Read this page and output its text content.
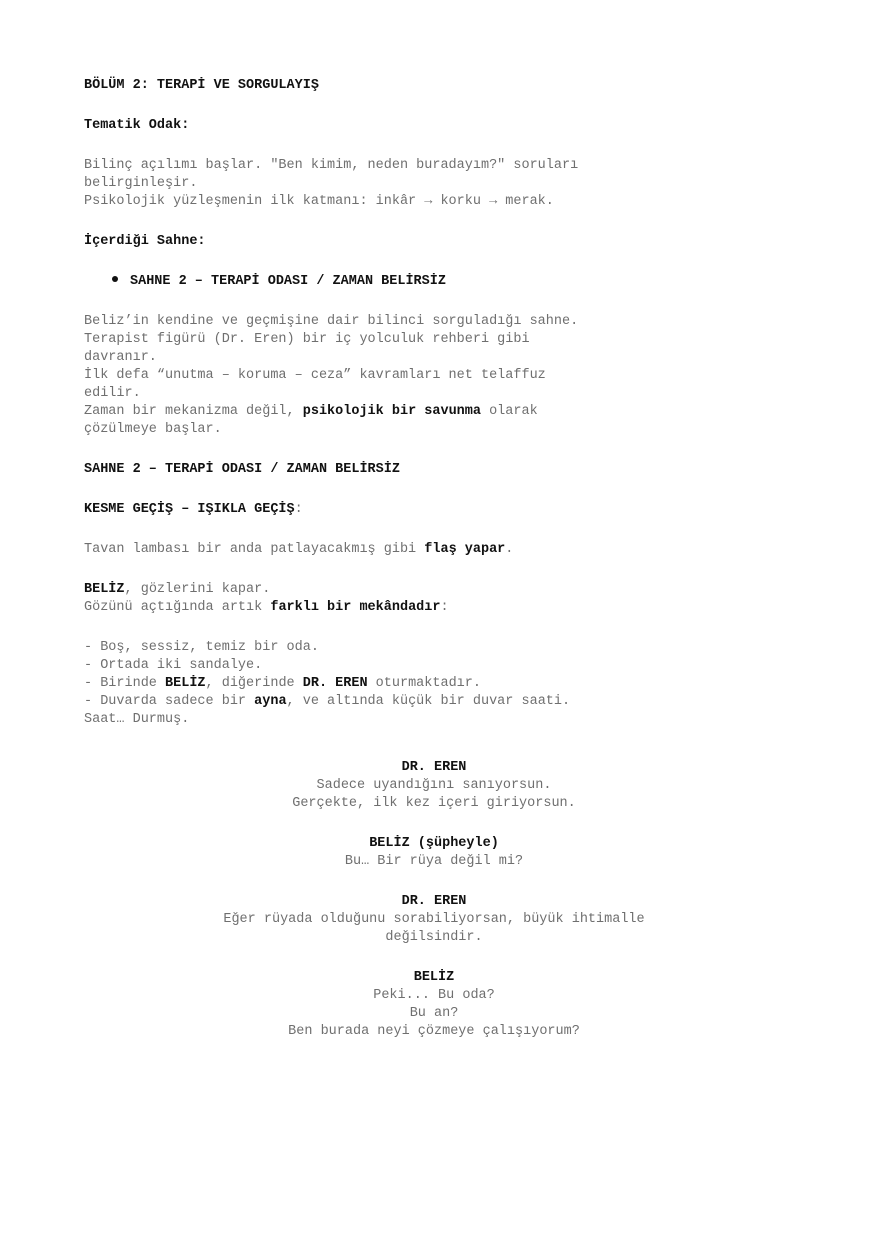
BÖLÜM 2: TERAPİ VE SORGULAYIŞ

Tematik Odak:

Bilinç açılımı başlar. "Ben kimim, neden buradayım?" soruları

belirginleşir.

Psikolojik yüzleşmenin ilk katmanı: inkâr → korku → merak.

İçerdiği Sahne:

SAHNE 2 – TERAPİ ODASI / ZAMAN BELİRSİZ

Beliz’in kendine ve geçmişine dair bilinci sorguladığı sahne.

Terapist figürü (Dr. Eren) bir iç yolculuk rehberi gibi

davranır.

İlk defa “unutma – koruma – ceza” kavramları net telaffuz

edilir.

Zaman bir mekanizma değil, psikolojik bir savunma olarak

çözülmeye başlar.

SAHNE 2 – TERAPİ ODASI / ZAMAN BELİRSİZ

KESME GEÇİŞ – IŞIKLA GEÇİŞ:

Tavan lambası bir anda patlayacakmış gibi flaş yapar.

BELİZ, gözlerini kapar.

Gözünü açtığında artık farklı bir mekândadır:

- Boş, sessiz, temiz bir oda.

- Ortada iki sandalye.

- Birinde BELİZ, diğerinde DR. EREN oturmaktadır.

- Duvarda sadece bir ayna, ve altında küçük bir duvar saati.

Saat… Durmuş.

DR. EREN

Sadece uyandığını sanıyorsun.

Gerçekte, ilk kez içeri giriyorsun.

BELİZ (şüpheyle)

Bu… Bir rüya değil mi?

DR. EREN

Eğer rüyada olduğunu sorabiliyorsan, büyük ihtimalle

değilsindir.

BELİZ

Peki... Bu oda?

Bu an?

Ben burada neyi çözmeye çalışıyorum?
